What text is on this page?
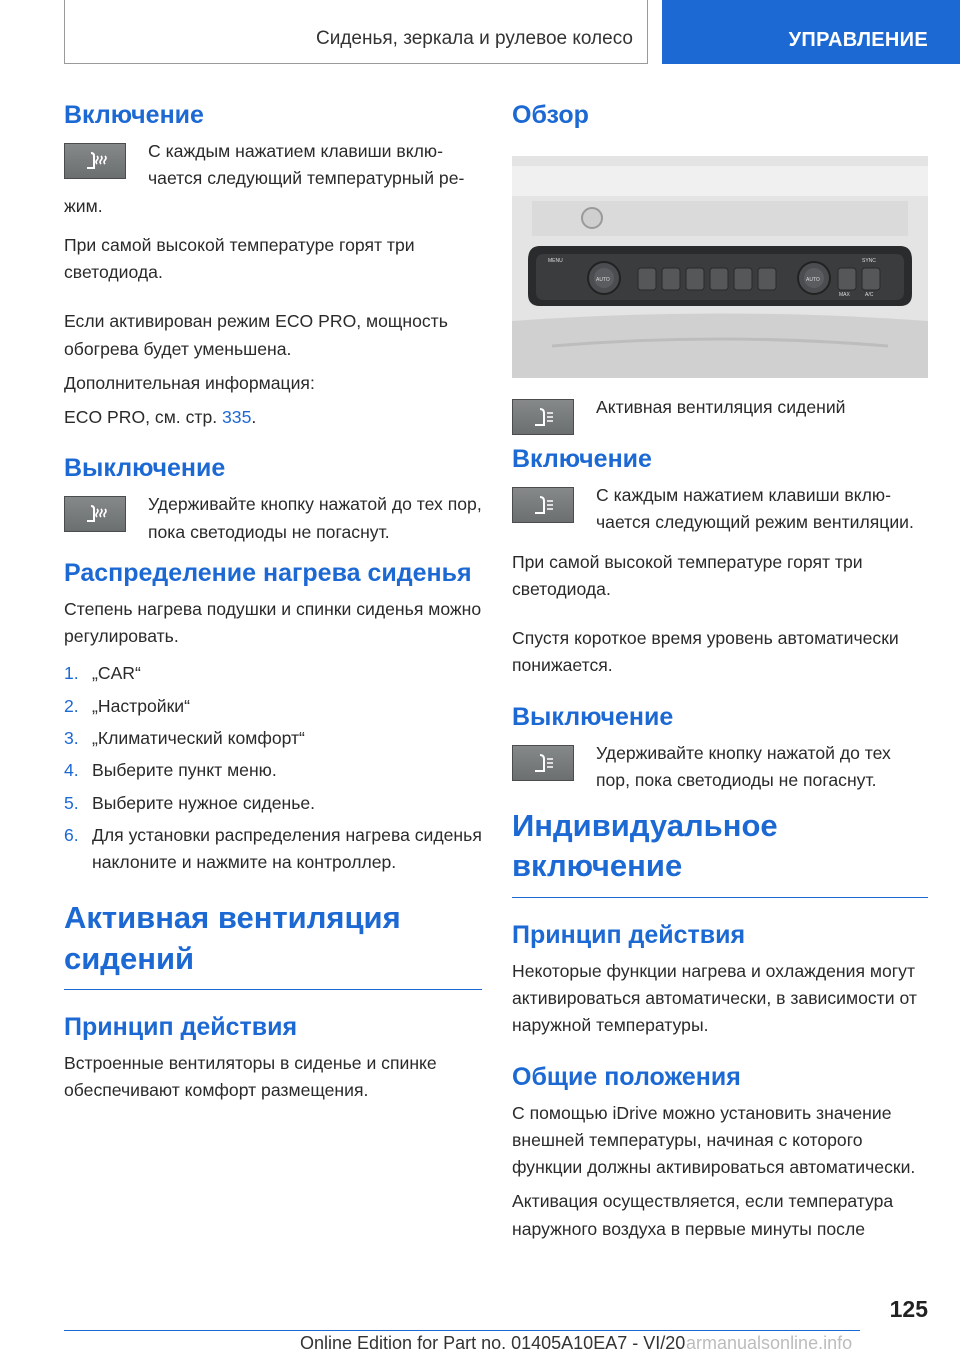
Сиденья, зеркала и рулевое колесо	УПРАВЛЕНИЕ
Включение

С каждым нажатием клавиши включается следующий температурный режим.

При самой высокой температуре горят три светодиода.

Если активирован режим ECO PRO, мощность обогрева будет уменьшена.

Дополнительная информация:

ECO PRO, см. стр. 335.

Выключение

Удерживайте кнопку нажатой до тех пор, пока светодиоды не погаснут.

Распределение нагрева сиденья

Степень нагрева подушки и спинки сиденья можно регулировать.

1. „CAR“
2. „Настройки“
3. „Климатический комфорт“
4. Выберите пункт меню.
5. Выберите нужное сиденье.
6. Для установки распределения нагрева сиденья наклоните и нажмите на контроллер.
Активная вентиляция сидений
Принцип действия

Встроенные вентиляторы в сиденье и спинке обеспечивают комфорт размещения.

Обзор
MENU
AUTO	AUTO
SYNC
MAX	A/C

Активная вентиляция сидений

Включение

С каждым нажатием клавиши включается следующий режим вентиляции.

При самой высокой температуре горят три светодиода.

Спустя короткое время уровень автоматически понижается.

Выключение

Удерживайте кнопку нажатой до тех пор, пока светодиоды не погаснут.

Индивидуальное включение
Принцип действия

Некоторые функции нагрева и охлаждения могут активироваться автоматически, в зависимости от наружной температуры.

Общие положения

С помощью iDrive можно установить значение внешней температуры, начиная с которого функции должны активироваться автоматически.

Активация осуществляется, если температура наружного воздуха в первые минуты после

125
Online Edition for Part no. 01405A10EA7 - VI/20 armanualsonline.info
